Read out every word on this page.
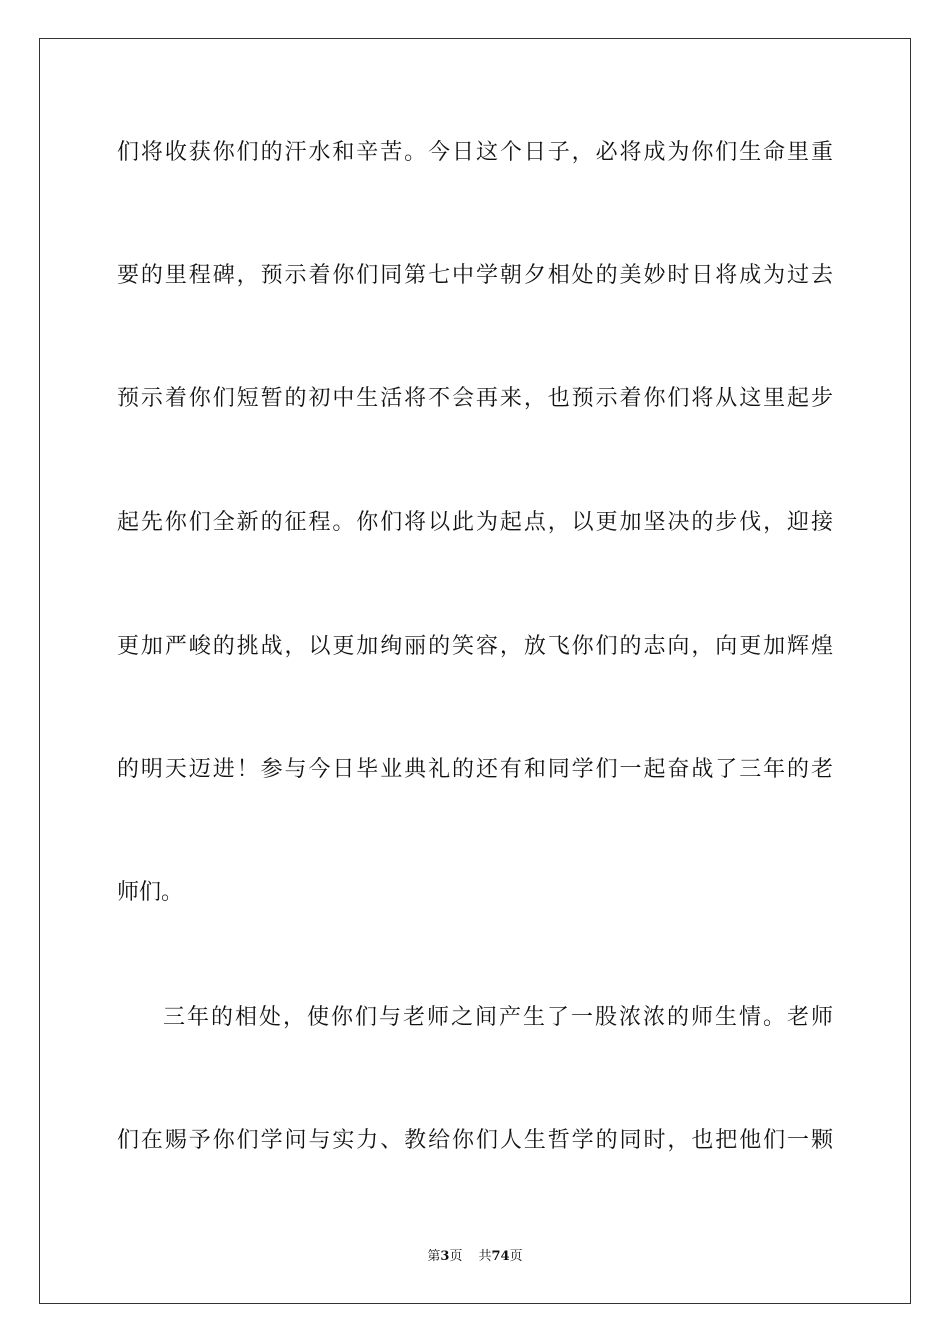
们将收获你们的汗水和辛苦。今日这个日子，必将成为你们生命里重
要的里程碑，预示着你们同第七中学朝夕相处的美妙时日将成为过去
预示着你们短暂的初中生活将不会再来，也预示着你们将从这里起步
起先你们全新的征程。你们将以此为起点，以更加坚决的步伐，迎接
更加严峻的挑战，以更加绚丽的笑容，放飞你们的志向，向更加辉煌
的明天迈进！参与今日毕业典礼的还有和同学们一起奋战了三年的老
师们。
三年的相处，使你们与老师之间产生了一股浓浓的师生情。老师
们在赐予你们学问与实力、教给你们人生哲学的同时，也把他们一颗
第3页 共74页
